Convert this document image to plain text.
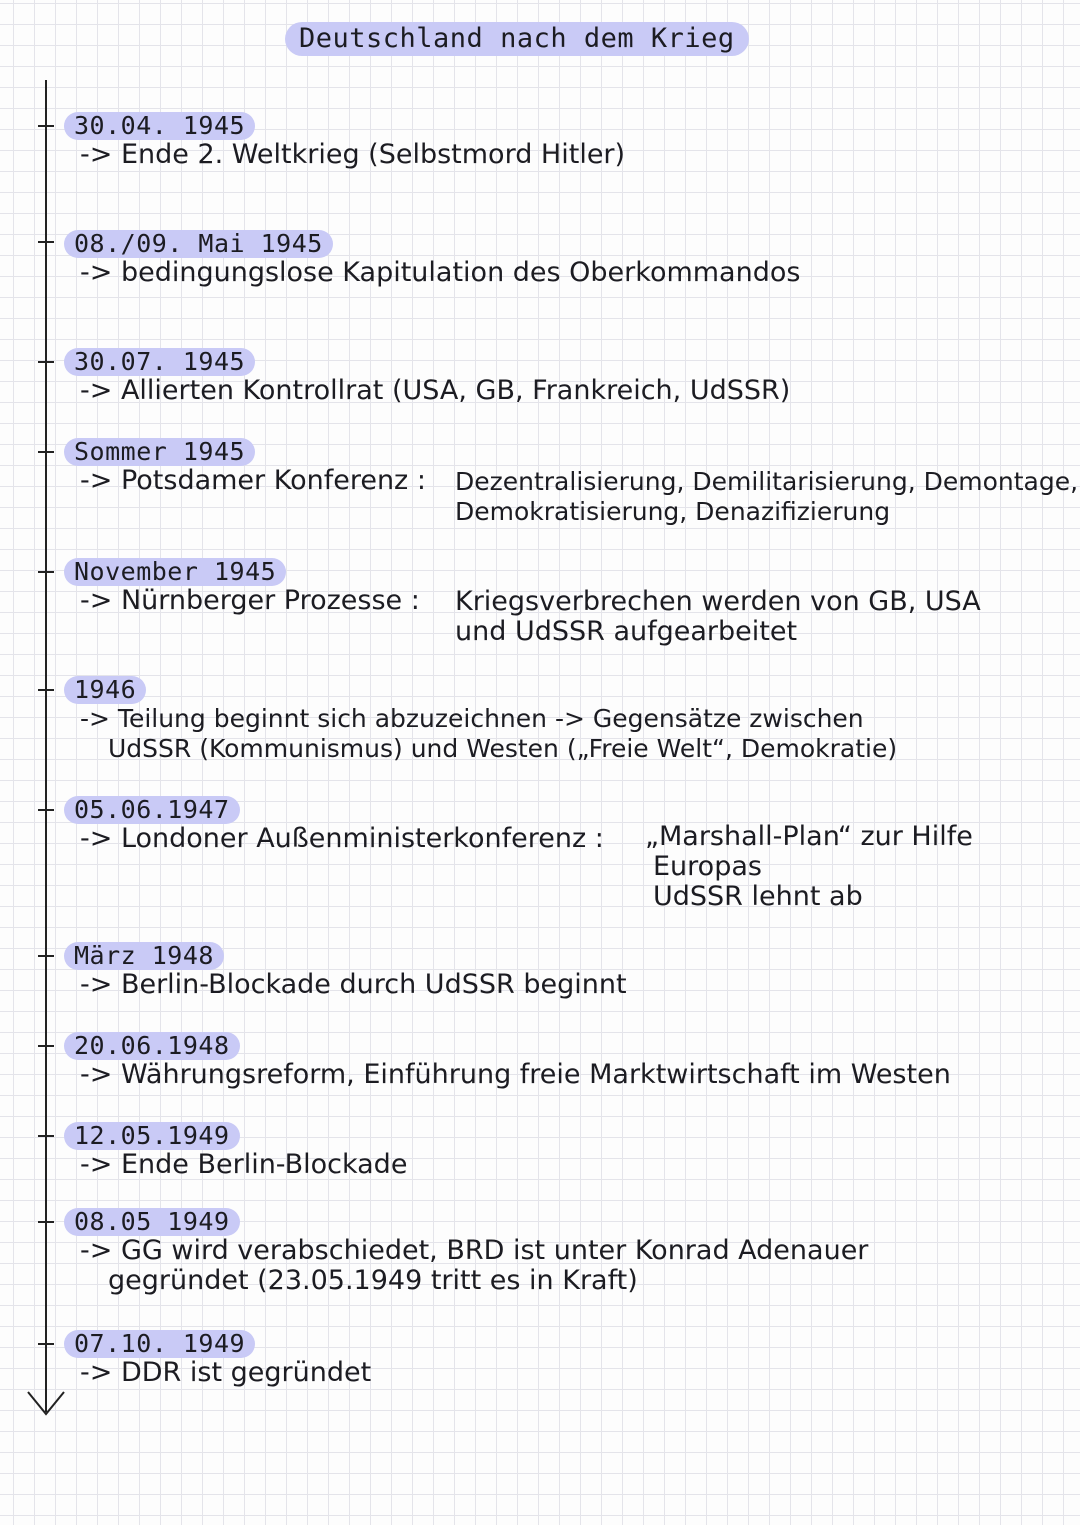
Deutschland nach dem Krieg
30.04. 1945
-> Ende 2. Weltkrieg (Selbstmord Hitler)
08./09. Mai 1945
-> bedingungslose Kapitulation des Oberkommandos
30.07. 1945
-> Allierten Kontrollrat (USA, GB, Frankreich, UdSSR)
Sommer 1945
-> Potsdamer Konferenz : Dezentralisierung, Demilitarisierung, Demontage,
Demokratisierung, Denazifizierung
November 1945
-> Nürnberger Prozesse : Kriegsverbrechen werden von GB, USA
und UdSSR aufgearbeitet
1946
-> Teilung beginnt sich abzuzeichnen -> Gegensätze zwischen
UdSSR (Kommunismus) und Westen („Freie Welt“, Demokratie)
05.06.1947
-> Londoner Außenministerkonferenz : „Marshall-Plan“ zur Hilfe
Europas
UdSSR lehnt ab
März 1948
-> Berlin-Blockade durch UdSSR beginnt
20.06.1948
-> Währungsreform, Einführung freie Marktwirtschaft im Westen
12.05.1949
-> Ende Berlin-Blockade
08.05 1949
-> GG wird verabschiedet, BRD ist unter Konrad Adenauer
gegründet (23.05.1949 tritt es in Kraft)
07.10. 1949
-> DDR ist gegründet
